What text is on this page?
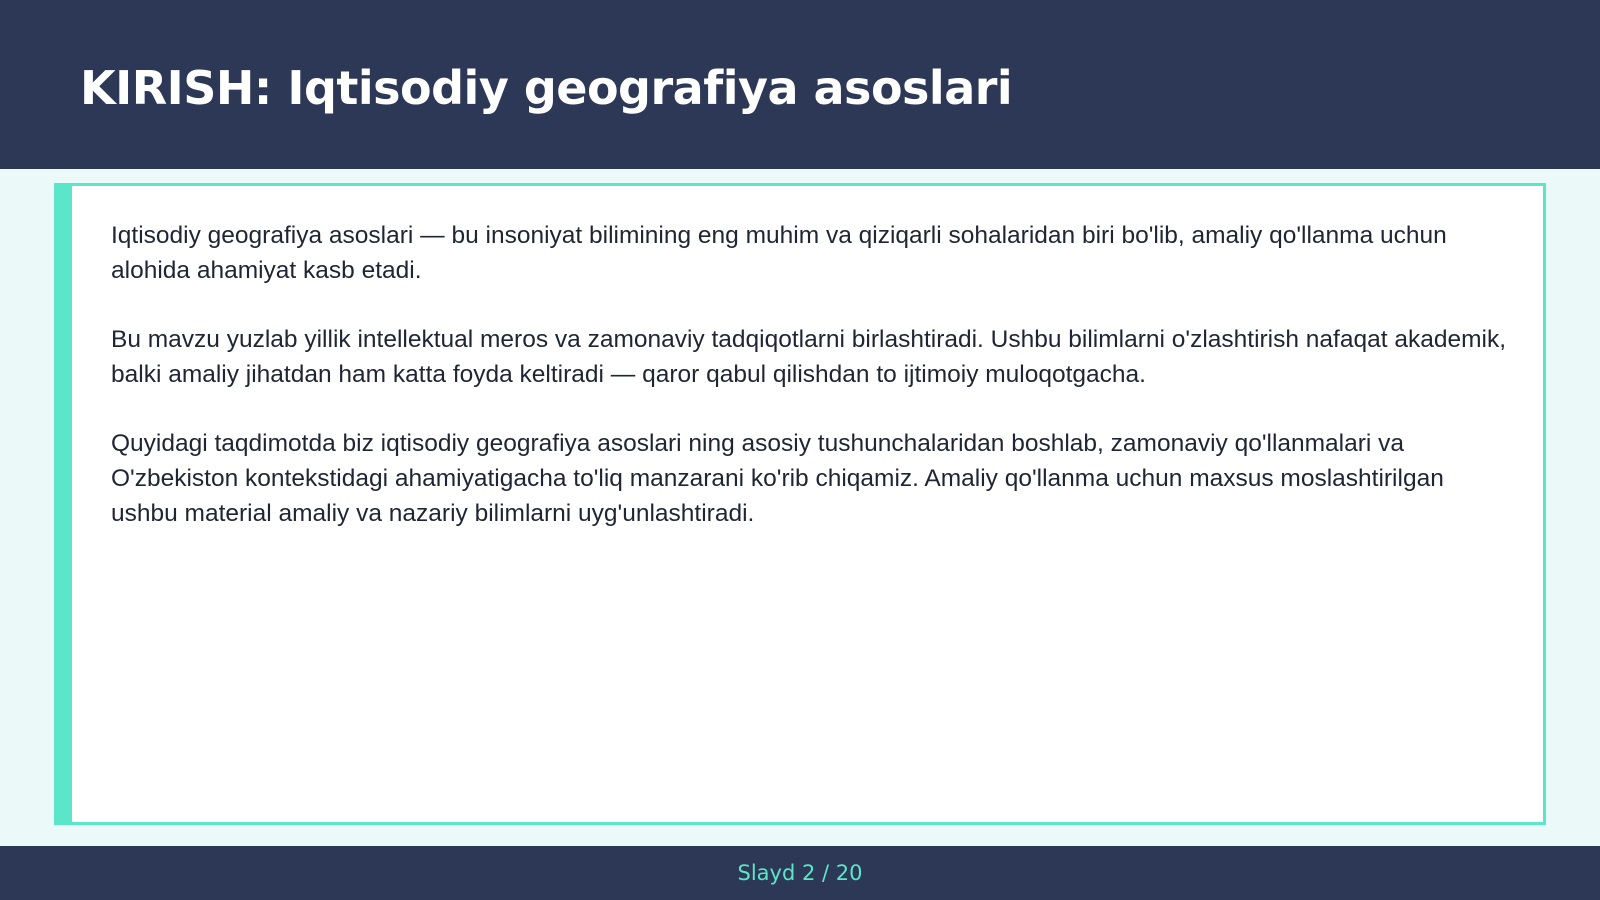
KIRISH: Iqtisodiy geografiya asoslari

Iqtisodiy geografiya asoslari — bu insoniyat bilimining eng muhim va qiziqarli sohalaridan biri bo'lib, amaliy qo'llanma uchun alohida ahamiyat kasb etadi.

Bu mavzu yuzlab yillik intellektual meros va zamonaviy tadqiqotlarni birlashtiradi. Ushbu bilimlarni o'zlashtirish nafaqat akademik, balki amaliy jihatdan ham katta foyda keltiradi — qaror qabul qilishdan to ijtimoiy muloqotgacha.

Quyidagi taqdimotda biz iqtisodiy geografiya asoslari ning asosiy tushunchalaridan boshlab, zamonaviy qo'llanmalari va O'zbekiston kontekstidagi ahamiyatigacha to'liq manzarani ko'rib chiqamiz. Amaliy qo'llanma uchun maxsus moslashtirilgan ushbu material amaliy va nazariy bilimlarni uyg'unlashtiradi.

Slayd 2 / 20
